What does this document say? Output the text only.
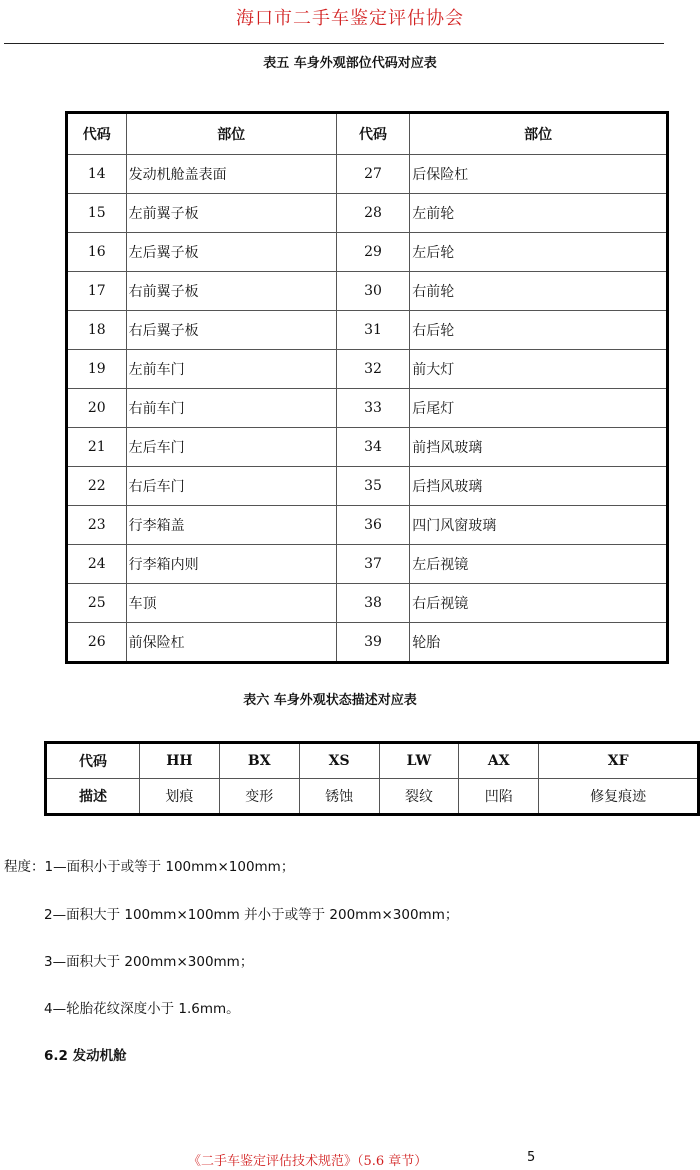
海口市二手车鉴定评估协会
表五 车身外观部位代码对应表
代码	部位	代码	部位
14	发动机舱盖表面	27	后保险杠
15	左前翼子板	28	左前轮
16	左后翼子板	29	左后轮
17	右前翼子板	30	右前轮
18	右后翼子板	31	右后轮
19	左前车门	32	前大灯
20	右前车门	33	后尾灯
21	左后车门	34	前挡风玻璃
22	右后车门	35	后挡风玻璃
23	行李箱盖	36	四门风窗玻璃
24	行李箱内则	37	左后视镜
25	车顶	38	右后视镜
26	前保险杠	39	轮胎
表六 车身外观状态描述对应表
代码	HH	BX	XS	LW	AX	XF
描述	划痕	变形	锈蚀	裂纹	凹陷	修复痕迹
程度：1—面积小于或等于 100mm×100mm；
2—面积大于 100mm×100mm 并小于或等于 200mm×300mm；
3—面积大于 200mm×300mm；
4—轮胎花纹深度小于 1.6mm。
6.2 发动机舱
《二手车鉴定评估技术规范》（5.6 章节）	5
